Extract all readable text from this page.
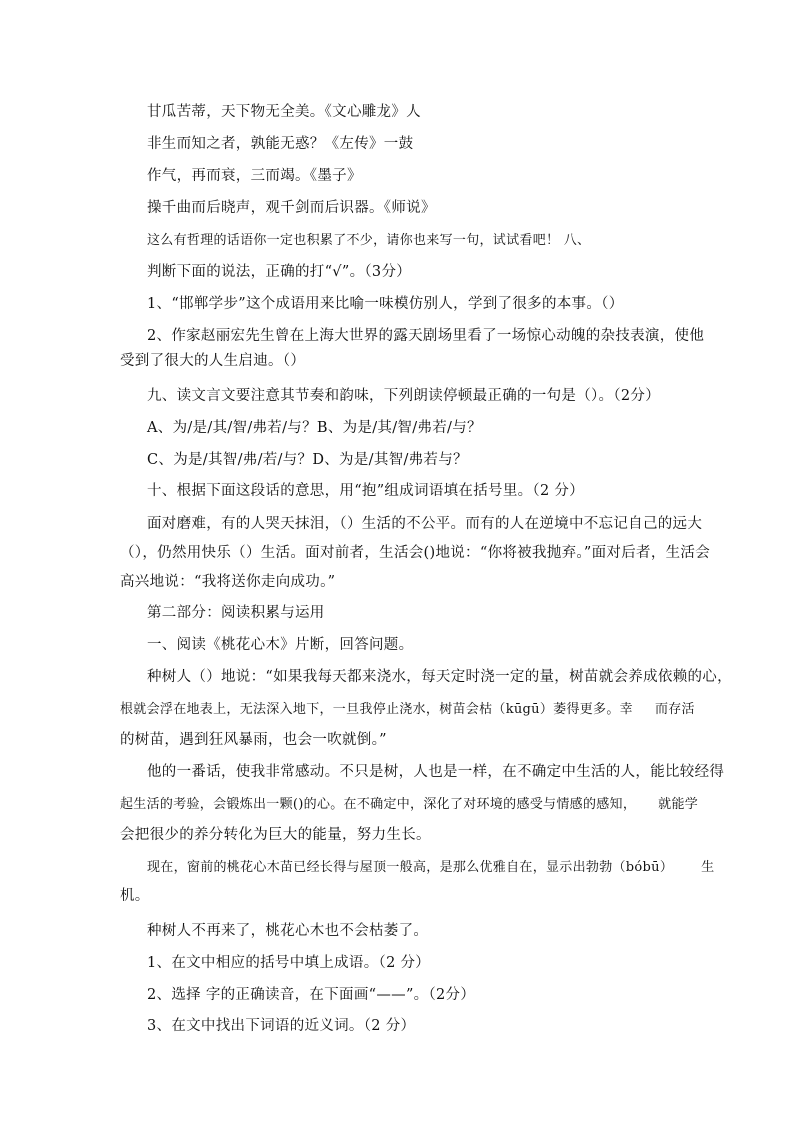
甘瓜苦蒂，天下物无全美。《文心雕龙》人
非生而知之者，孰能无惑？《左传》一鼓
作气，再而衰，三而竭。《墨子》
操千曲而后晓声，观千剑而后识器。《师说》
这么有哲理的话语你一定也积累了不少，请你也来写一句，试试看吧！ 八、
判断下面的说法，正确的打“√”。（3分）
1、“邯郸学步”这个成语用来比喻一味模仿别人，学到了很多的本事。（）
2、作家赵丽宏先生曾在上海大世界的露天剧场里看了一场惊心动魄的杂技表演，使他
受到了很大的人生启迪。（）
九、读文言文要注意其节奏和韵味，下列朗读停顿最正确的一句是（）。（2分）
A、为/是/其/智/弗若/与？B、为是/其/智/弗若/与？
C、为是/其智/弗/若/与？D、为是/其智/弗若与？
十、根据下面这段话的意思，用“抱”组成词语填在括号里。（2 分）
面对磨难，有的人哭天抹泪，（）生活的不公平。而有的人在逆境中不忘记自己的远大
（），仍然用快乐（）生活。面对前者，生活会()地说：“你将被我抛弃。”面对后者，生活会
高兴地说：“我将送你走向成功。”
第二部分：阅读积累与运用
一、阅读《桃花心木》片断，回答问题。
种树人（）地说：“如果我每天都来浇水，每天定时浇一定的量，树苗就会养成依赖的心，
根就会浮在地表上，无法深入地下，一旦我停止浇水，树苗会枯（kūgū）萎得更多。幸 而存活
的树苗，遇到狂风暴雨，也会一吹就倒。”
他的一番话，使我非常感动。不只是树，人也是一样，在不确定中生活的人，能比较经得
起生活的考验，会锻炼出一颗()的心。在不确定中，深化了对环境的感受与情感的感知， 就能学
会把很少的养分转化为巨大的能量，努力生长。
现在，窗前的桃花心木苗已经长得与屋顶一般高，是那么优雅自在，显示出勃勃（bóbū） 生
机。
种树人不再来了，桃花心木也不会枯萎了。
1、在文中相应的括号中填上成语。（2 分）
2、选择 字的正确读音，在下面画“——”。（2分）
3、在文中找出下词语的近义词。（2 分）
